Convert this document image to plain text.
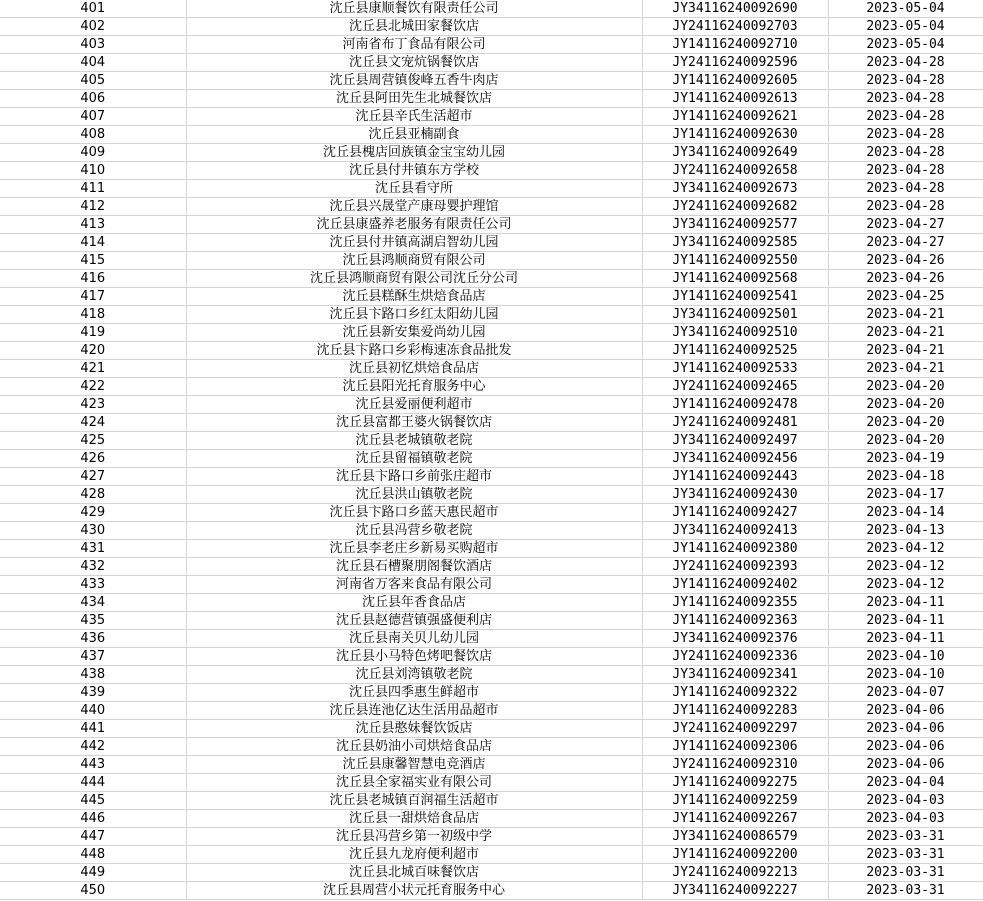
401	沈丘县康顺餐饮有限责任公司	JY34116240092690	2023-05-04
402	沈丘县北城田家餐饮店	JY24116240092703	2023-05-04
403	河南省布丁食品有限公司	JY14116240092710	2023-05-04
404	沈丘县文宠炕锅餐饮店	JY24116240092596	2023-04-28
405	沈丘县周营镇俊峰五香牛肉店	JY14116240092605	2023-04-28
406	沈丘县阿田先生北城餐饮店	JY14116240092613	2023-04-28
407	沈丘县辛氏生活超市	JY14116240092621	2023-04-28
408	沈丘县亚楠副食	JY14116240092630	2023-04-28
409	沈丘县槐店回族镇金宝宝幼儿园	JY34116240092649	2023-04-28
410	沈丘县付井镇东方学校	JY24116240092658	2023-04-28
411	沈丘县看守所	JY34116240092673	2023-04-28
412	沈丘县兴晟堂产康母婴护理馆	JY24116240092682	2023-04-28
413	沈丘县康盛养老服务有限责任公司	JY34116240092577	2023-04-27
414	沈丘县付井镇高湖启智幼儿园	JY34116240092585	2023-04-27
415	沈丘县鸿顺商贸有限公司	JY14116240092550	2023-04-26
416	沈丘县鸿顺商贸有限公司沈丘分公司	JY14116240092568	2023-04-26
417	沈丘县糕酥生烘焙食品店	JY14116240092541	2023-04-25
418	沈丘县卞路口乡红太阳幼儿园	JY34116240092501	2023-04-21
419	沈丘县新安集爱尚幼儿园	JY34116240092510	2023-04-21
420	沈丘县卞路口乡彩梅速冻食品批发	JY14116240092525	2023-04-21
421	沈丘县初忆烘焙食品店	JY14116240092533	2023-04-21
422	沈丘县阳光托育服务中心	JY24116240092465	2023-04-20
423	沈丘县爱丽便利超市	JY14116240092478	2023-04-20
424	沈丘县富都王婆火锅餐饮店	JY24116240092481	2023-04-20
425	沈丘县老城镇敬老院	JY34116240092497	2023-04-20
426	沈丘县留福镇敬老院	JY34116240092456	2023-04-19
427	沈丘县卞路口乡前张庄超市	JY14116240092443	2023-04-18
428	沈丘县洪山镇敬老院	JY34116240092430	2023-04-17
429	沈丘县卞路口乡蓝天惠民超市	JY14116240092427	2023-04-14
430	沈丘县冯营乡敬老院	JY34116240092413	2023-04-13
431	沈丘县李老庄乡新易买购超市	JY14116240092380	2023-04-12
432	沈丘县石槽聚朋阁餐饮酒店	JY24116240092393	2023-04-12
433	河南省万客来食品有限公司	JY14116240092402	2023-04-12
434	沈丘县年香食品店	JY14116240092355	2023-04-11
435	沈丘县赵德营镇强盛便利店	JY14116240092363	2023-04-11
436	沈丘县南关贝儿幼儿园	JY34116240092376	2023-04-11
437	沈丘县小马特色烤吧餐饮店	JY24116240092336	2023-04-10
438	沈丘县刘湾镇敬老院	JY34116240092341	2023-04-10
439	沈丘县四季惠生鲜超市	JY14116240092322	2023-04-07
440	沈丘县连池亿达生活用品超市	JY14116240092283	2023-04-06
441	沈丘县憨妹餐饮饭店	JY24116240092297	2023-04-06
442	沈丘县奶油小司烘焙食品店	JY14116240092306	2023-04-06
443	沈丘县康馨智慧电竞酒店	JY24116240092310	2023-04-06
444	沈丘县全家福实业有限公司	JY14116240092275	2023-04-04
445	沈丘县老城镇百润福生活超市	JY14116240092259	2023-04-03
446	沈丘县一甜烘焙食品店	JY14116240092267	2023-04-03
447	沈丘县冯营乡第一初级中学	JY34116240086579	2023-03-31
448	沈丘县九龙府便利超市	JY14116240092200	2023-03-31
449	沈丘县北城百味餐饮店	JY24116240092213	2023-03-31
450	沈丘县周营小状元托育服务中心	JY34116240092227	2023-03-31
